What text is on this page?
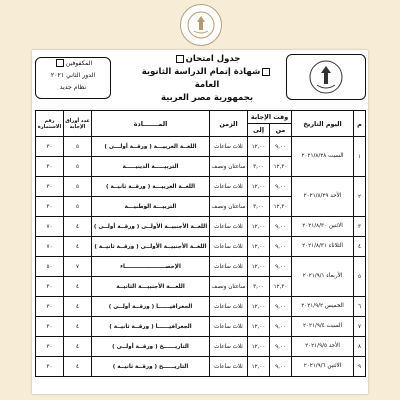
المكفوفين
الدور الثاني ٢٠٢١
نظام جديد
جدول امتحان
شهادة إتمام الدراسة الثانوية العامة
بجمهورية مصر العربية
م	اليوم التاريخ	وقت الإجابة		الزمن	المـــــــادة	عدد أوراق الإجابة	رقم الاستمارة
		من	إلى				
١	السبت ٢٠٢١/٨/٢٨	٩,٠٠	١٢,٠٠	ثلاث ساعات	اللغــة العربيـــة ( ورقــة أولـــى )	٥	٣٠
		١٢,٣٠	٣,٠٠	ساعتان ونصف	التربيـــــة الدينيـــــة	٥	٣٠
٢	الأحد ٢٠٢١/٨/٢٩	٩,٠٠	١٢,٠٠	ثلاث ساعات	اللغــة العربيـــة ( ورقــة ثانيــة )	٥	٣٠
		١٢,٣٠	٣,٠٠	ساعتان ونصف	التربيـــة الوطنيـــة	٥	٣٠
٣	الاثنين ٢٠٢١/٨/٣٠	٩,٠٠	١٢,٠٠	ثلاث ساعات	اللغــة الأجنبيــة الأولــى ( ورقــة أولــى )	٤	٧٠
٤	الثلاثاء ٢٠٢١/٨/٣١	٩,٠٠	١٢,٠٠	ثلاث ساعات	اللغــة الأجنبيــة الأولــى ( ورقــة ثانيــة )	٤	٧٠
٥	الأربعاء ٢٠٢١/٩/١	٩,٠٠	١٢,٠٠	ثلاث ساعات	الإحصـــــــــــــــــــــاء	٧	٥٠
		١٢,٣٠	٣,٠٠	ساعتان ونصف	اللغـــة الأجنبيـــة الثانيــة	٤	٣٠
٦	الخميس ٢٠٢١/٩/٢	٩,٠٠	١٢,٠٠	ثلاث ساعات	الجغرافيــــــا ( ورقــة أولــى )	٤	٣٠
٧	السبت ٢٠٢١/٩/٤	٩,٠٠	١٢,٠٠	ثلاث ساعات	الجغرافيــــــا ( ورقــة ثانيــة )	٤	٣٠
٨	الأحد ٢٠٢١/٩/٥	٩,٠٠	١٢,٠٠	ثلاث ساعات	التاريــــــخ ( ورقــة أولــى )	٤	٣٠
٩	الاثنين ٢٠٢١/٩/٦	٩,٠٠	١٢,٠٠	ثلاث ساعات	التاريــــــخ ( ورقــة ثانيــة )	٤	٣٠
